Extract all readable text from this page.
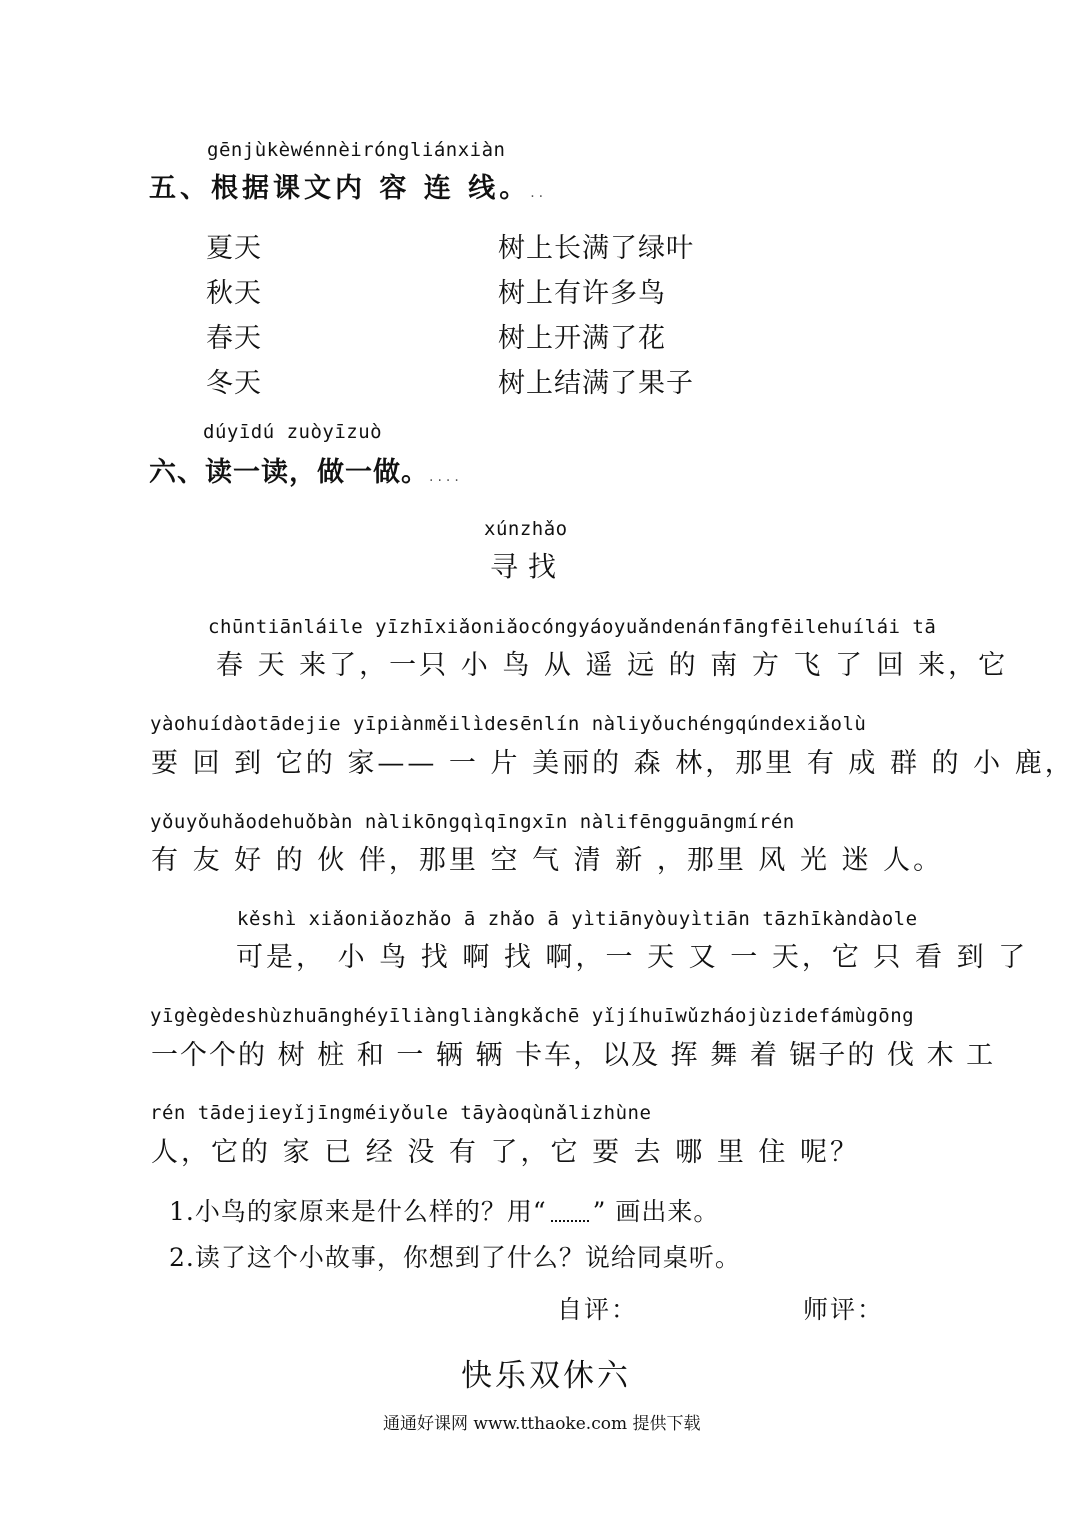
gēnjùkèwénnèiróngliánxiàn
五、根据课文内 容 连 线。..
夏天
秋天
春天
冬天
树上长满了绿叶
树上有许多鸟
树上开满了花
树上结满了果子
dúyīdú zuòyīzuò
六、读一读，做一做。....
xúnzhǎo
寻找
chūntiānláile yīzhīxiǎoniǎocóngyáoyuǎndenánfāngfēilehuílái tā
春 天 来了，一只 小 鸟 从 遥 远 的 南 方 飞 了 回 来，它
yàohuídàotādejie yīpiànměilìdesēnlín nàliyǒuchéngqúndexiǎolù
要 回 到 它的 家—— 一 片 美丽的 森 林，那里 有 成 群 的 小 鹿，
yǒuyǒuhǎodehuǒbàn nàlikōngqìqīngxīn nàlifēngguāngmírén
有 友 好 的 伙 伴，那里 空 气 清 新 ，那里 风 光 迷 人。
kěshì xiǎoniǎozhǎo ā zhǎo ā yìtiānyòuyìtiān tāzhīkàndàole
可是， 小 鸟 找 啊 找 啊，一 天 又 一 天，它 只 看 到 了
yīgègèdeshùzhuānghéyīliàngliàngkǎchē yǐjíhuīwǔzháojùzidefámùgōng
一个个的 树 桩 和 一 辆 辆 卡车，以及 挥 舞 着 锯子的 伐 木 工
rén tādejieyǐjīngméiyǒule tāyàoqùnǎlizhùne
人，它的 家 已 经 没 有 了，它 要 去 哪 里 住 呢？
1.小鸟的家原来是什么样的？用“ ” 画出来。
2.读了这个小故事，你想到了什么？说给同桌听。
自评：	师评：
快乐双休六
通通好课网 www.tthaoke.com 提供下载
